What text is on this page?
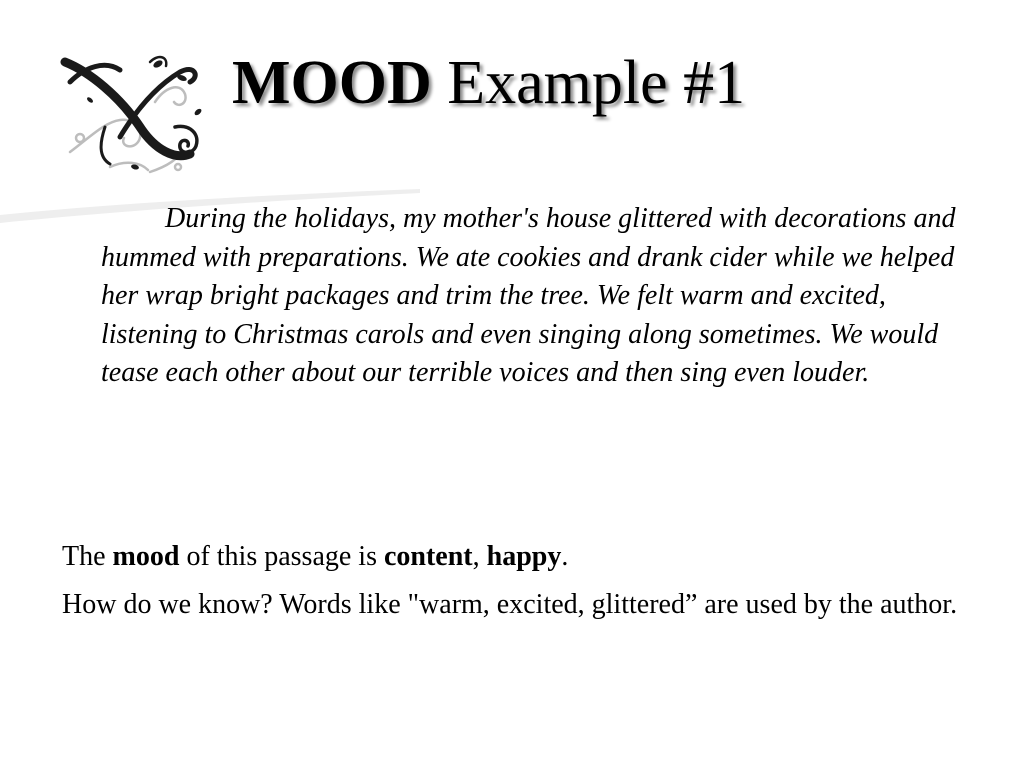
MOOD Example #1

During the holidays, my mother's house glittered with decorations and hummed with preparations. We ate cookies and drank cider while we helped her wrap bright packages and trim the tree. We felt warm and excited, listening to Christmas carols and even singing along sometimes. We would tease each other about our terrible voices and then sing even louder.

The mood of this passage is content, happy.

How do we know? Words like "warm, excited, glittered” are used by the author.
